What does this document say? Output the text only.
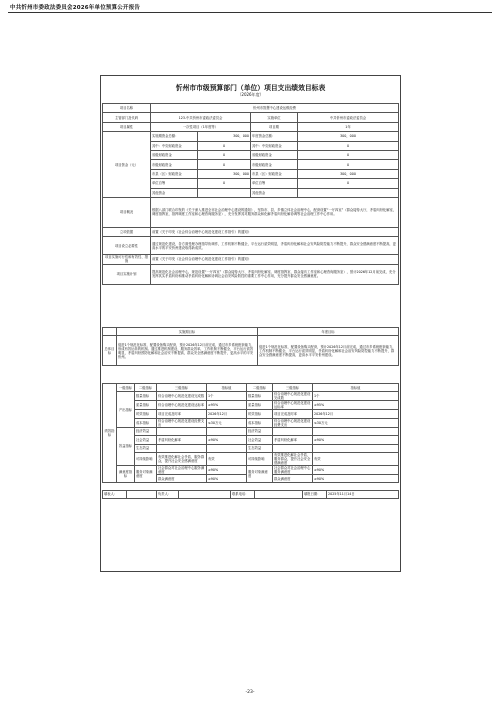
中共忻州市委政法委员会2026年单位预算公开报告
忻州市市级预算部门（单位）项目支出绩效目标表
（2026年度）
项目名称	忻州市智慧中心建设运维经费			
主管部门及代码	123-中共忻州市委政法委员会		实施单位	中共忻州市委政法委员会
项目属性	一次性项目（1年度等）		项目期	1年
项目资金（元）	实施期资金总额：	300，000	年度资金总额：	300，000
	其中：中央财政资金	0	其中：中央财政资金	0
	省级财政资金	0	省级财政资金	0
	市级财政资金	0	市级财政资金	0
	市县（区）财政资金	300，000	市县（区）财政资金	300，000
	单位自筹	0	单位自筹	0
	其他资金		其他资金	
项目概况	根据八部门联合印发的《关于深入推进全市社会治理中心建设的通知》，坚持市、县、乡镇立体社会治理中心，配套设置“一厅四室”（群众接待大厅，矛盾纠纷化解室，调度指挥室，指挥调度工作室和心理咨询服务室），充分发挥其对服务群众和化解矛盾纠纷化解协调等社会治理工作中心作用。			
立项依据	前置《关于印发《社会综合治理中心规范化建设工作指引》的通知》			
项目设立必要性	通过规范化建设，各方面受理办理指导协调作，工作机制不断健全，平台运行质效明显，矛盾纠纷化解和社会安风险防控能力不断提升，群众安全感满意度不断提高，更高水平的平安忻州建设取得新成效。			
项目实施可行性和有效性、措施	前置《关于印发《社会综合治理中心规范化建设工作指引》的通知》			
项目实施计划	提高规范化社会治理中心，规范设置“一厅四室”（群众接待大厅、矛盾纠纷化解室、调度指挥室、群众接访工作室和心理咨询服务室），预计2026年12月前完成，充分发挥其实矛盾纠纷和推动矛盾纠纷化解和协调社会治安风险防控的重要工作中心作用，充分提升群众安全感满意度。			
	实施期目标	年度目标
总体目标	促进1个规范化标准，配置设备购买配套，预计2026年12月前完成，通过市乡系统配套能力，形成有效运转的机制。通过推进机制建设，服务群众效率，工作机制不断健全，平台运行质效明显，矛盾纠纷预防化解和社会治安不断提高，群众安全感满意度不断提升，更高水平的平安忻州。	促进1个规范化标准，配置设备购买配套，预计2026年12月前完成，通过市乡系统配套能力，工作机制不断健全，平台运行质效明显，矛盾纠纷化解和社会治安风险防控能力不断提升，群众安全感满意度不断提高，更高水平平安忻州建设。
绩效指标	一级指标	二级指标	三级指标	指标值	二级指标	三级指标	指标值
	产出指标	数量指标	综合治理中心规范化建设完成数	1个	数量指标	综合治理中心规范化建设完成数	1个
		质量指标	综合治理中心规范化建设达标率	≥95%	质量指标	综合治理中心规范化建设达标率	≥95%
		时效指标	项目完成及时率	2026年12月	时效指标	项目完成及时率	2026年12月
		成本指标	综合治理中心规范化建设经费支出	≤30万元	成本指标	综合治理中心规范化建设经费支出	≤30万元
	效益指标	经济效益			经济效益		
		社会效益	矛盾纠纷化解率	≥90%	社会效益	矛盾纠纷化解率	≥90%
		生态效益			生态效益		
		可持续影响	有效推进化解社会矛盾，服务群众，提升社会安全感满意度	有效	可持续影响	有效推进化解社会矛盾，服务群众，提升社会安全感满意度	有效
	满意度指标	服务对象满意度	社会群众对社会治理中心服务满意度	≥90%	服务对象满意度	社会群众对社会治理中心服务满意度	≥90%
			群众满意度	≥90%		群众满意度	≥90%
填表人：		负责人：		联系电话：		填报日期：	2025年11月14日
-23-
